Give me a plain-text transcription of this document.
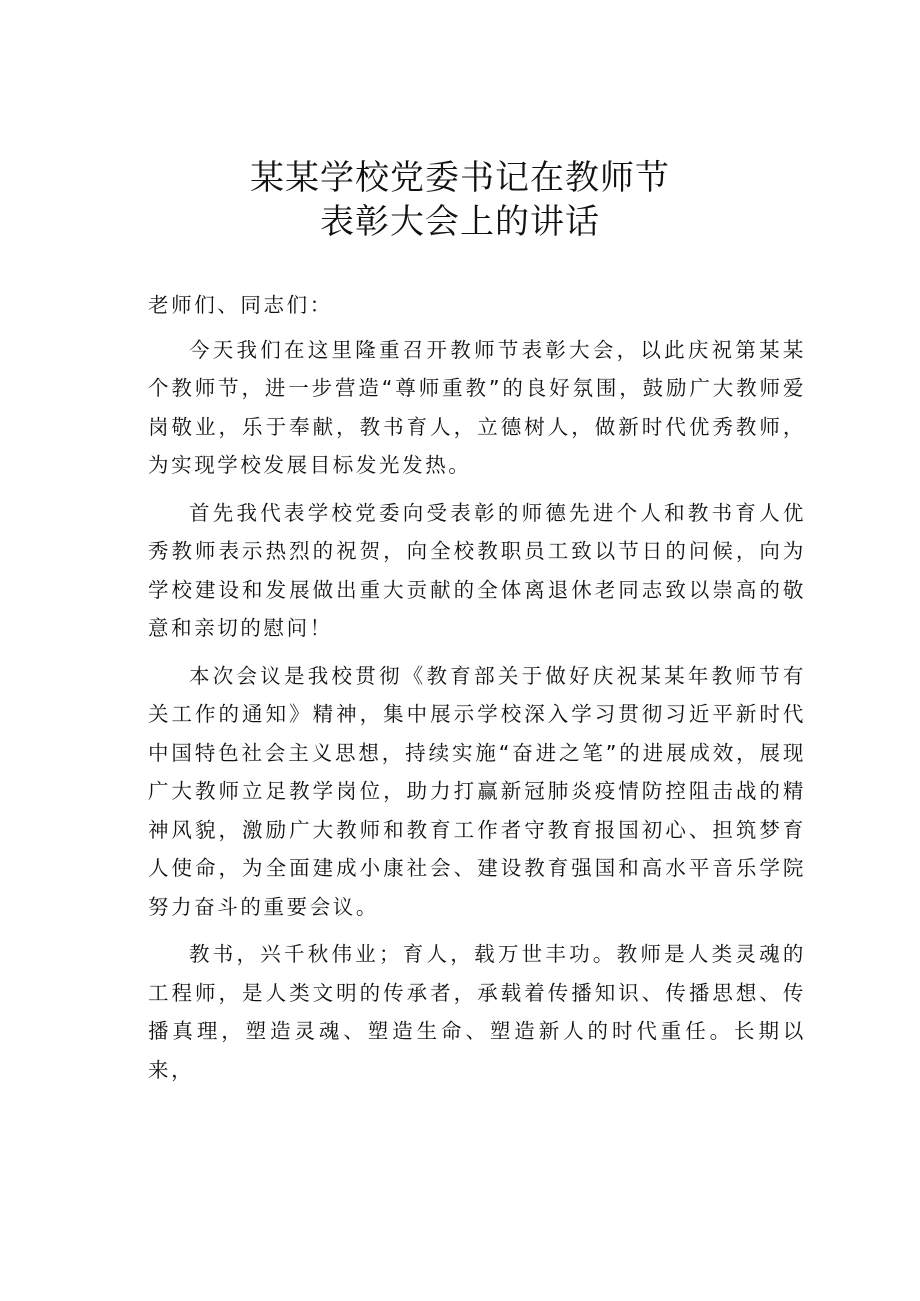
某某学校党委书记在教师节
表彰大会上的讲话

老师们、同志们：

今天我们在这里隆重召开教师节表彰大会，以此庆祝第某某个教师节，进一步营造“尊师重教”的良好氛围，鼓励广大教师爱岗敬业，乐于奉献，教书育人，立德树人，做新时代优秀教师，为实现学校发展目标发光发热。

首先我代表学校党委向受表彰的师德先进个人和教书育人优秀教师表示热烈的祝贺，向全校教职员工致以节日的问候，向为学校建设和发展做出重大贡献的全体离退休老同志致以崇高的敬意和亲切的慰问！

本次会议是我校贯彻《教育部关于做好庆祝某某年教师节有关工作的通知》精神，集中展示学校深入学习贯彻习近平新时代中国特色社会主义思想，持续实施“奋进之笔”的进展成效，展现广大教师立足教学岗位，助力打赢新冠肺炎疫情防控阻击战的精神风貌，激励广大教师和教育工作者守教育报国初心、担筑梦育人使命，为全面建成小康社会、建设教育强国和高水平音乐学院努力奋斗的重要会议。

教书，兴千秋伟业；育人，载万世丰功。教师是人类灵魂的工程师，是人类文明的传承者，承载着传播知识、传播思想、传播真理，塑造灵魂、塑造生命、塑造新人的时代重任。长期以来，
